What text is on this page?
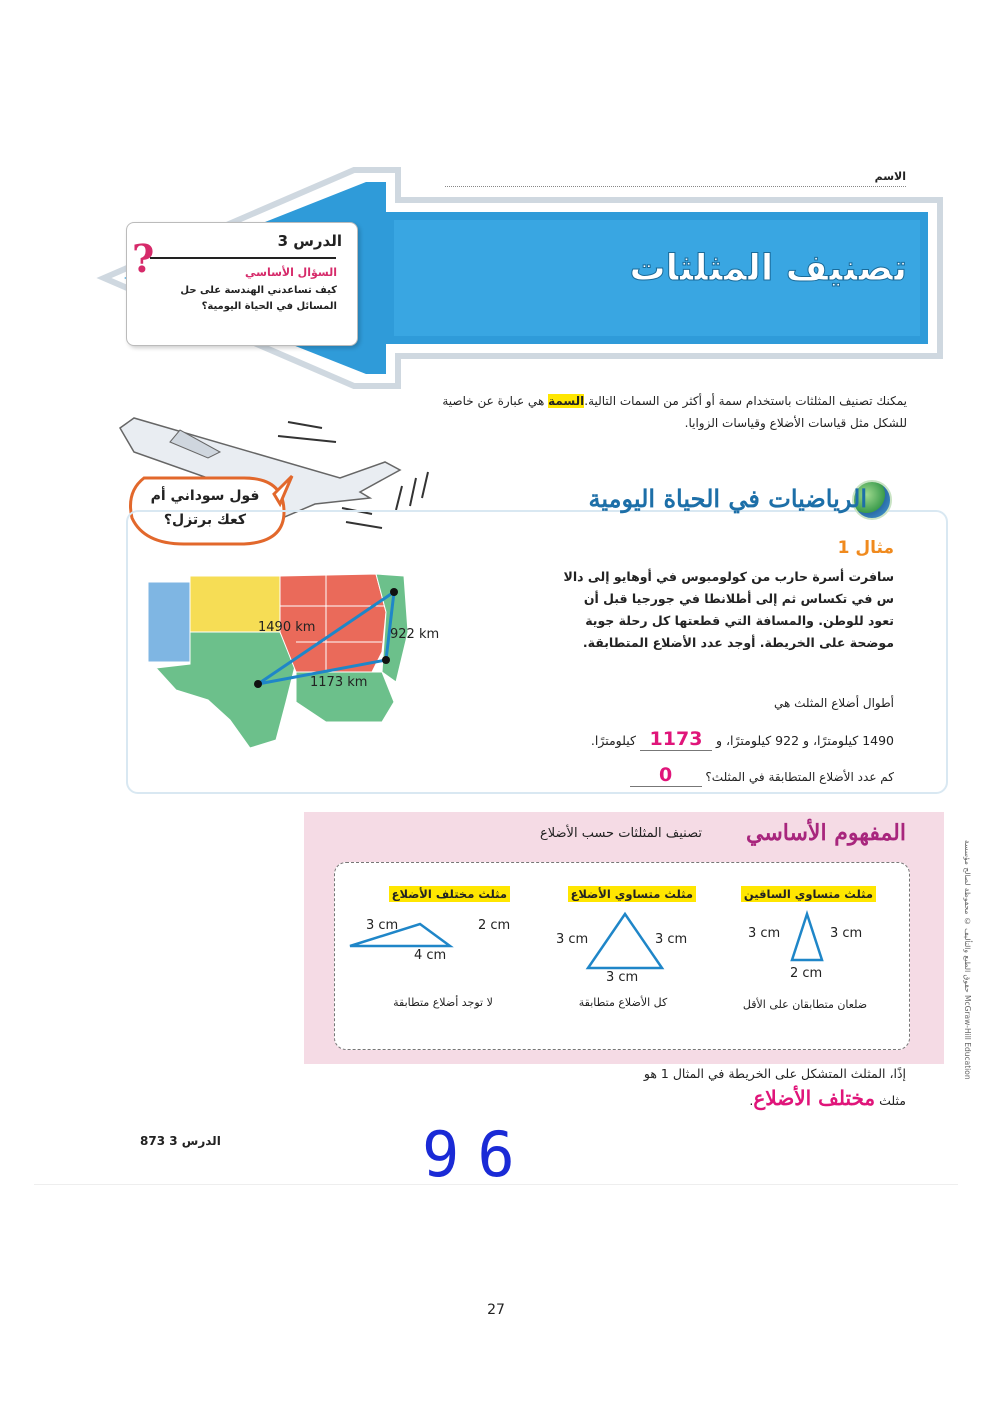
الاسم
تصنيف المثلثات
?	الدرس 3
السؤال الأساسي
كيف تساعدني الهندسة على حل المسائل في الحياة اليومية؟
يمكنك تصنيف المثلثات باستخدام سمة أو أكثر من السمات التالية.السمة هي عبارة عن خاصية للشكل مثل قياسات الأضلاع وقياسات الزوايا.
فول سوداني أم كعك برتزل؟
الرياضيات في الحياة اليومية
مثال 1
سافرت أسرة حارب من كولومبوس في أوهايو إلى دالا س في تكساس ثم إلى أطلانطا في جورجيا قبل أن تعود للوطن. والمسافة التي قطعتها كل رحلة جوية موضحة على الخريطة. أوجد عدد الأضلاع المتطابقة.
أطوال أضلاع المثلث هي
1490 كيلومترًا، و 922 كيلومترًا، و 1173 كيلومترًا.
كم عدد الأضلاع المتطابقة في المثلث؟ 0
1490 km	922 km
1173 km
المفهوم الأساسي
تصنيف المثلثات حسب الأضلاع
مثلث متساوي الساقين
مثلث متساوي الأضلاع
مثلث مختلف الأضلاع
3 cm	2 cm
4 cm
3 cm	3 cm
3 cm
3 cm	3 cm
2 cm
ضلعان متطابقان على الأقل
كل الأضلاع متطابقة
لا توجد أضلاع متطابقة
حقوق الطبع والتأليف © محفوظة لصالح مؤسسة McGraw-Hill Education
إذًا، المثلث المتشكل على الخريطة في المثال 1 هو
مثلث مختلف الأضلاع.
الدرس 3 873	96
27
